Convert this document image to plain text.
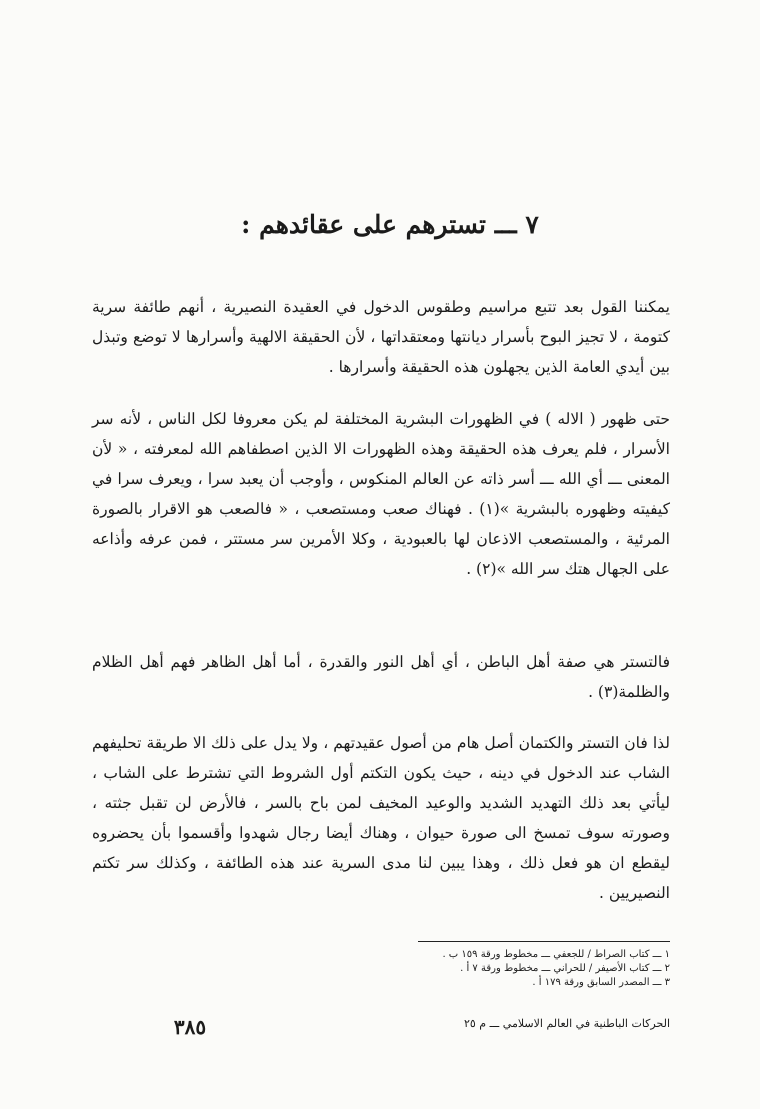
٧ ـــ تسترهم على عقائدهم :

يمكننا القول بعد تتبع مراسيم وطقوس الدخول في العقيدة النصيرية ، أنهم طائفة سرية كتومة ، لا تجيز البوح بأسرار ديانتها ومعتقداتها ، لأن الحقيقة الالهية وأسرارها لا توضع وتبذل بين أيدي العامة الذين يجهلون هذه الحقيقة وأسرارها .

حتى ظهور ( الاله ) في الظهورات البشرية المختلفة لم يكن معروفا لكل الناس ، لأنه سر الأسرار ، فلم يعرف هذه الحقيقة وهذه الظهورات الا الذين اصطفاهم الله لمعرفته ، « لأن المعنى ـــ أي الله ـــ أسر ذاته عن العالم المنكوس ، وأوجب أن يعبد سرا ، ويعرف سرا في كيفيته وظهوره بالبشرية »(١) . فهناك صعب ومستصعب ، « فالصعب هو الاقرار بالصورة المرئية ، والمستصعب الاذعان لها بالعبودية ، وكلا الأمرين سر مستتر ، فمن عرفه وأذاعه على الجهال هتك سر الله »(٢) .

فالتستر هي صفة أهل الباطن ، أي أهل النور والقدرة ، أما أهل الظاهر فهم أهل الظلام والظلمة(٣) .

لذا فان التستر والكتمان أصل هام من أصول عقيدتهم ، ولا يدل على ذلك الا طريقة تحليفهم الشاب عند الدخول في دينه ، حيث يكون التكتم أول الشروط التي تشترط على الشاب ، ليأتي بعد ذلك التهديد الشديد والوعيد المخيف لمن باح بالسر ، فالأرض لن تقبل جثته ، وصورته سوف تمسخ الى صورة حيوان ، وهناك أيضا رجال شهدوا وأقسموا بأن يحضروه ليقطع ان هو فعل ذلك ، وهذا يبين لنا مدى السرية عند هذه الطائفة ، وكذلك سر تكتم النصيريين .

١ ـــ كتاب الصراط / للجعفي ـــ مخطوط ورقة ١٥٩ ب .
٢ ـــ كتاب الأصيفر / للحراني ـــ مخطوط ورقة ٧ أ .
٣ ـــ المصدر السابق ورقة ١٧٩ أ .
الحركات الباطنية في العالم الاسلامي ـــ م ٢٥
٣٨٥
